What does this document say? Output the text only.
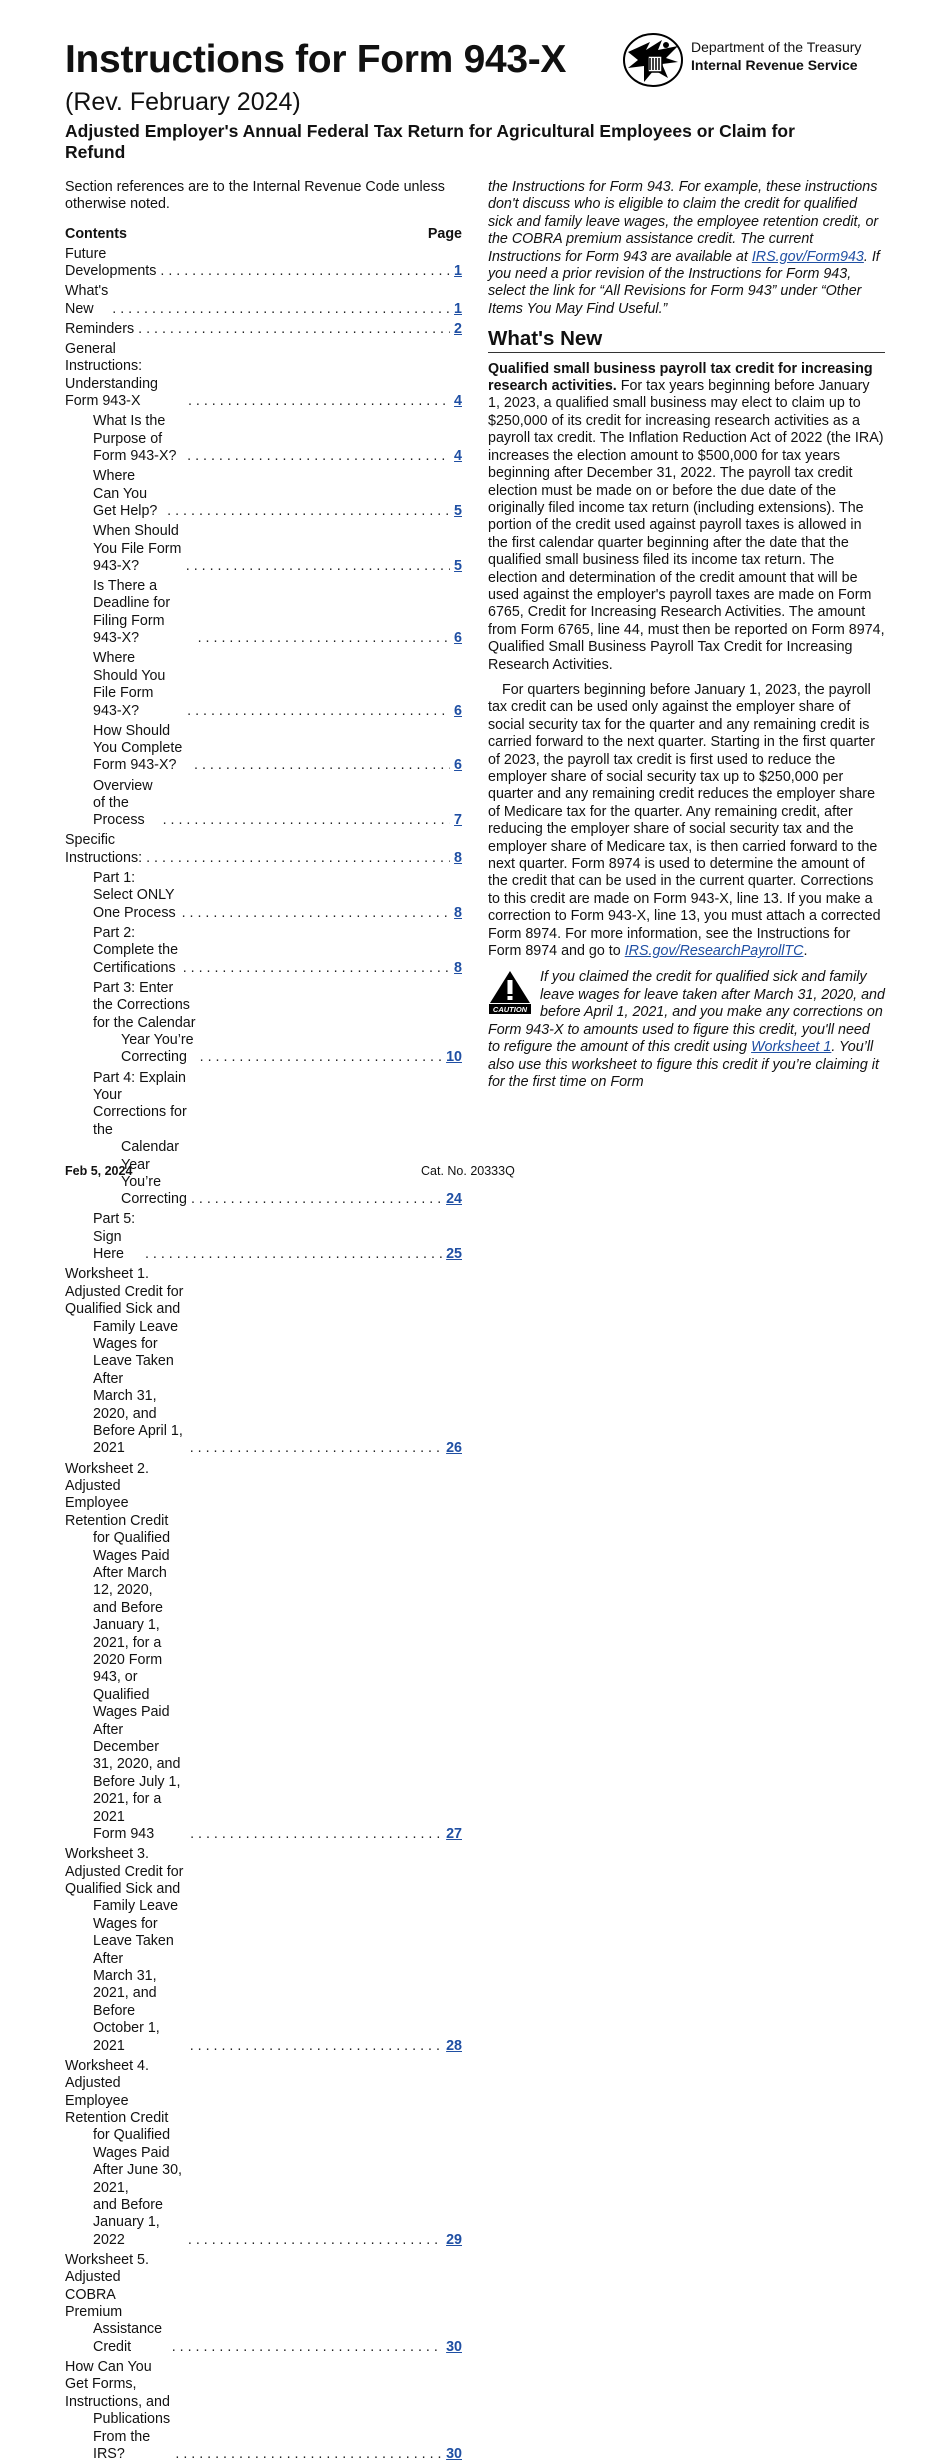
Instructions for Form 943-X
(Rev. February 2024)
Adjusted Employer's Annual Federal Tax Return for Agricultural Employees or Claim for Refund
Department of the Treasury
Internal Revenue Service

Section references are to the Internal Revenue Code unless otherwise noted.

Contents	Page
Future Developments . . .	1
What's New . . .	1
Reminders . . .	2
General Instructions: Understanding Form 943-X . . .	4
What Is the Purpose of Form 943-X? . . .	4
Where Can You Get Help? . . .	5
When Should You File Form 943-X? . . .	5
Is There a Deadline for Filing Form 943-X? . . .	6
Where Should You File Form 943-X? . . .	6
How Should You Complete Form 943-X? . . .	6
Overview of the Process . . .	7
Specific Instructions: . . .	8
Part 1: Select ONLY One Process . . .	8
Part 2: Complete the Certifications . . .	8
Part 3: Enter the Corrections for the Calendar
Year You’re Correcting . . .	10
Part 4: Explain Your Corrections for the
Calendar Year You’re Correcting . . .	24
Part 5: Sign Here . . .	25
Worksheet 1. Adjusted Credit for Qualified Sick and
Family Leave Wages for Leave Taken After
March 31, 2020, and Before April 1, 2021 . . .	26
Worksheet 2. Adjusted Employee Retention Credit
for Qualified Wages Paid After March 12, 2020,
and Before January 1, 2021, for a 2020 Form
943, or Qualified Wages Paid After December
31, 2020, and Before July 1, 2021, for a 2021
Form 943 . . .	27
Worksheet 3. Adjusted Credit for Qualified Sick and
Family Leave Wages for Leave Taken After
March 31, 2021, and Before October 1, 2021 . . .	28
Worksheet 4. Adjusted Employee Retention Credit
for Qualified Wages Paid After June 30, 2021,
and Before January 1, 2022 . . .	29
Worksheet 5. Adjusted COBRA Premium
Assistance Credit . . .	30
How Can You Get Forms, Instructions, and
Publications From the IRS? . . .	30

the Instructions for Form 943. For example, these instructions don't discuss who is eligible to claim the credit for qualified sick and family leave wages, the employee retention credit, or the COBRA premium assistance credit. The current Instructions for Form 943 are available at IRS.gov/Form943. If you need a prior revision of the Instructions for Form 943, select the link for “All Revisions for Form 943” under “Other Items You May Find Useful.”

What's New

Qualified small business payroll tax credit for increasing research activities. For tax years beginning before January 1, 2023, a qualified small business may elect to claim up to $250,000 of its credit for increasing research activities as a payroll tax credit. The Inflation Reduction Act of 2022 (the IRA) increases the election amount to $500,000 for tax years beginning after December 31, 2022. The payroll tax credit election must be made on or before the due date of the originally filed income tax return (including extensions). The portion of the credit used against payroll taxes is allowed in the first calendar quarter beginning after the date that the qualified small business filed its income tax return. The election and determination of the credit amount that will be used against the employer's payroll taxes are made on Form 6765, Credit for Increasing Research Activities. The amount from Form 6765, line 44, must then be reported on Form 8974, Qualified Small Business Payroll Tax Credit for Increasing Research Activities.

For quarters beginning before January 1, 2023, the payroll tax credit can be used only against the employer share of social security tax for the quarter and any remaining credit is carried forward to the next quarter. Starting in the first quarter of 2023, the payroll tax credit is first used to reduce the employer share of social security tax up to $250,000 per quarter and any remaining credit reduces the employer share of Medicare tax for the quarter. Any remaining credit, after reducing the employer share of social security tax and the employer share of Medicare tax, is then carried forward to the next quarter. Form 8974 is used to determine the amount of the credit that can be used in the current quarter. Corrections to this credit are made on Form 943-X, line 13. If you make a correction to Form 943-X, line 13, you must attach a corrected Form 8974. For more information, see the Instructions for Form 8974 and go to IRS.gov/ResearchPayrollTC.

CAUTION
If you claimed the credit for qualified sick and family leave wages for leave taken after March 31, 2020, and before April 1, 2021, and you make any corrections on Form 943-X to amounts used to figure this credit, you'll need to refigure the amount of this credit using Worksheet 1. You’ll also use this worksheet to figure this credit if you’re claiming it for the first time on Form
Feb 5, 2024	Cat. No. 20333Q
